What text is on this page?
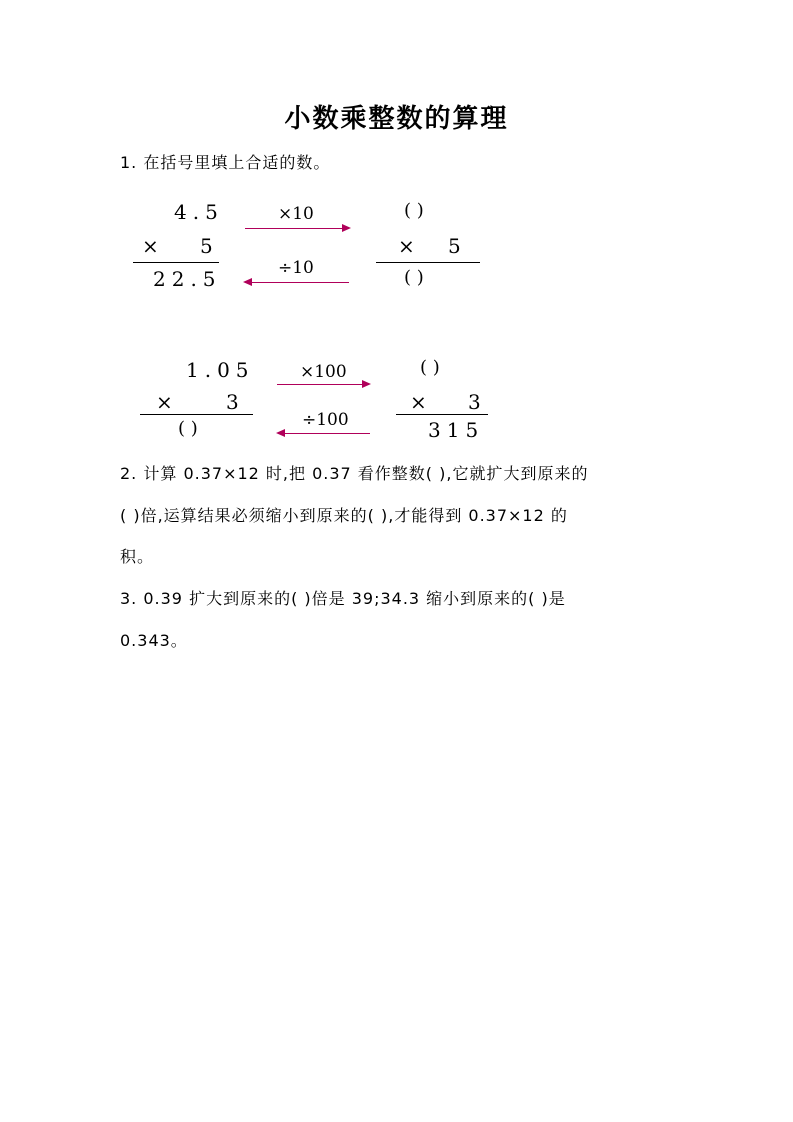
小数乘整数的算理
1. 在括号里填上合适的数。
4.5
× 5
22.5
×10
÷10
( )
× 5
( )
1.05
× 3
( )
×100
÷100
( )
× 3
315
2. 计算 0.37×12 时,把 0.37 看作整数( ),它就扩大到原来的
( )倍,运算结果必须缩小到原来的( ),才能得到 0.37×12 的
积。
3. 0.39 扩大到原来的( )倍是 39;34.3 缩小到原来的( )是
0.343。
